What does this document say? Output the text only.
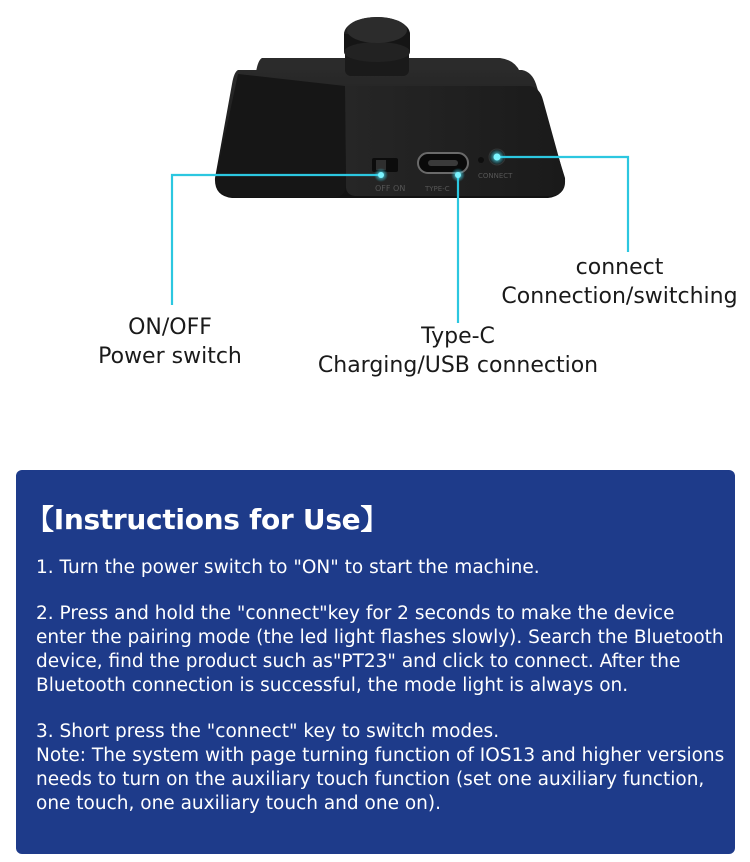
OFF ON	TYPE-C
CONNECT
ON/OFF
Power switch
Type-C
Charging/USB connection
connect
Connection/switching
【Instructions for Use】

1. Turn the power switch to "ON" to start the machine.

2. Press and hold the "connect"key for 2 seconds to make the device enter the pairing mode (the led light flashes slowly). Search the Bluetooth device, find the product such as"PT23" and click to connect. After the Bluetooth connection is successful, the mode light is always on.

3. Short press the "connect" key to switch modes.
Note: The system with page turning function of IOS13 and higher versions needs to turn on the auxiliary touch function (set one auxiliary function, one touch, one auxiliary touch and one on).
